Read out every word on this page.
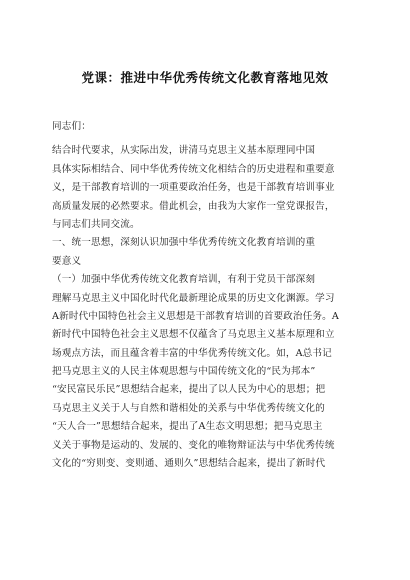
党课：推进中华优秀传统文化教育落地见效
同志们：
结合时代要求，从实际出发，讲清马克思主义基本原理同中国
具体实际相结合、同中华优秀传统文化相结合的历史进程和重要意
义，是干部教育培训的一项重要政治任务，也是干部教育培训事业
高质量发展的必然要求。借此机会，由我为大家作一堂党课报告，
与同志们共同交流。
一、统一思想，深刻认识加强中华优秀传统文化教育培训的重
要意义
（一）加强中华优秀传统文化教育培训，有利于党员干部深刻
理解马克思主义中国化时代化最新理论成果的历史文化渊源。学习
A新时代中国特色社会主义思想是干部教育培训的首要政治任务。A
新时代中国特色社会主义思想不仅蕴含了马克思主义基本原理和立
场观点方法，而且蕴含着丰富的中华优秀传统文化。如，A总书记
把马克思主义的人民主体观思想与中国传统文化的“民为邦本”
“安民富民乐民”思想结合起来，提出了以人民为中心的思想；把
马克思主义关于人与自然和谐相处的关系与中华优秀传统文化的
“天人合一”思想结合起来，提出了A生态文明思想；把马克思主
义关于事物是运动的、发展的、变化的唯物辩证法与中华优秀传统
文化的“穷则变、变则通、通则久”思想结合起来，提出了新时代
